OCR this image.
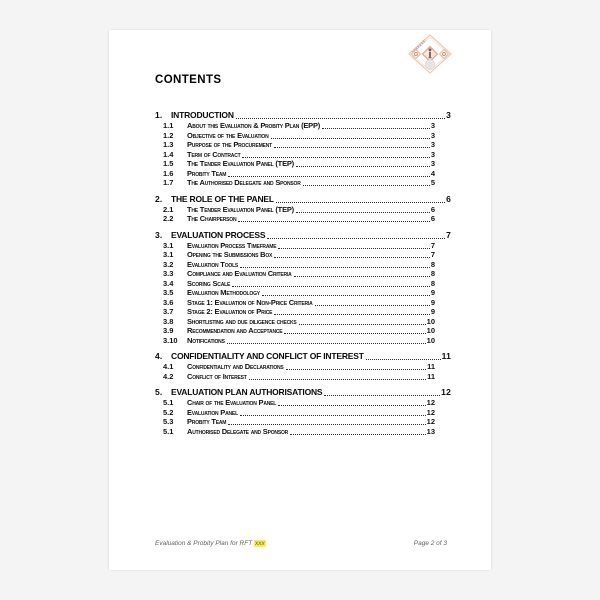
CONTENTS
1.	INTRODUCTION	3
1.1	About this Evaluation & Probity Plan (EPP)	3
1.2	Objective of the Evaluation	3
1.3	Purpose of the Procurement	3
1.4	Term of Contract	3
1.5	The Tender Evaluation Panel (TEP)	3
1.6	Probity Team	4
1.7	The Authorised Delegate and Sponsor	5
2.	THE ROLE OF THE PANEL	6
2.1	The Tender Evaluation Panel (TEP)	6
2.2	The Chairperson	6
3.	EVALUATION PROCESS	7
3.1	Evaluation Process Timeframe	7
3.1	Opening the Submissions Box	7
3.2	Evaluation Tools	8
3.3	Compliance and Evaluation Criteria	8
3.4	Scoring Scale	8
3.5	Evaluation Methodology	9
3.6	Stage 1: Evaluation of Non-Price Criteria	9
3.7	Stage 2: Evaluation of Price	9
3.8	Shortlisting and due diligence checks	10
3.9	Recommendation and Acceptance	10
3.10	Notifications	10
4.	CONFIDENTIALITY AND CONFLICT OF INTEREST	11
4.1	Confidentiality and Declarations	11
4.2	Conflict of Interest	11
5.	EVALUATION PLAN AUTHORISATIONS	12
5.1	Chair of the Evaluation Panel	12
5.2	Evaluation Panel	12
5.3	Probity Team	12
5.1	Authorised Delegate and Sponsor	13
Evaluation & Probity Plan for RFT xxx	Page 2 of 3
